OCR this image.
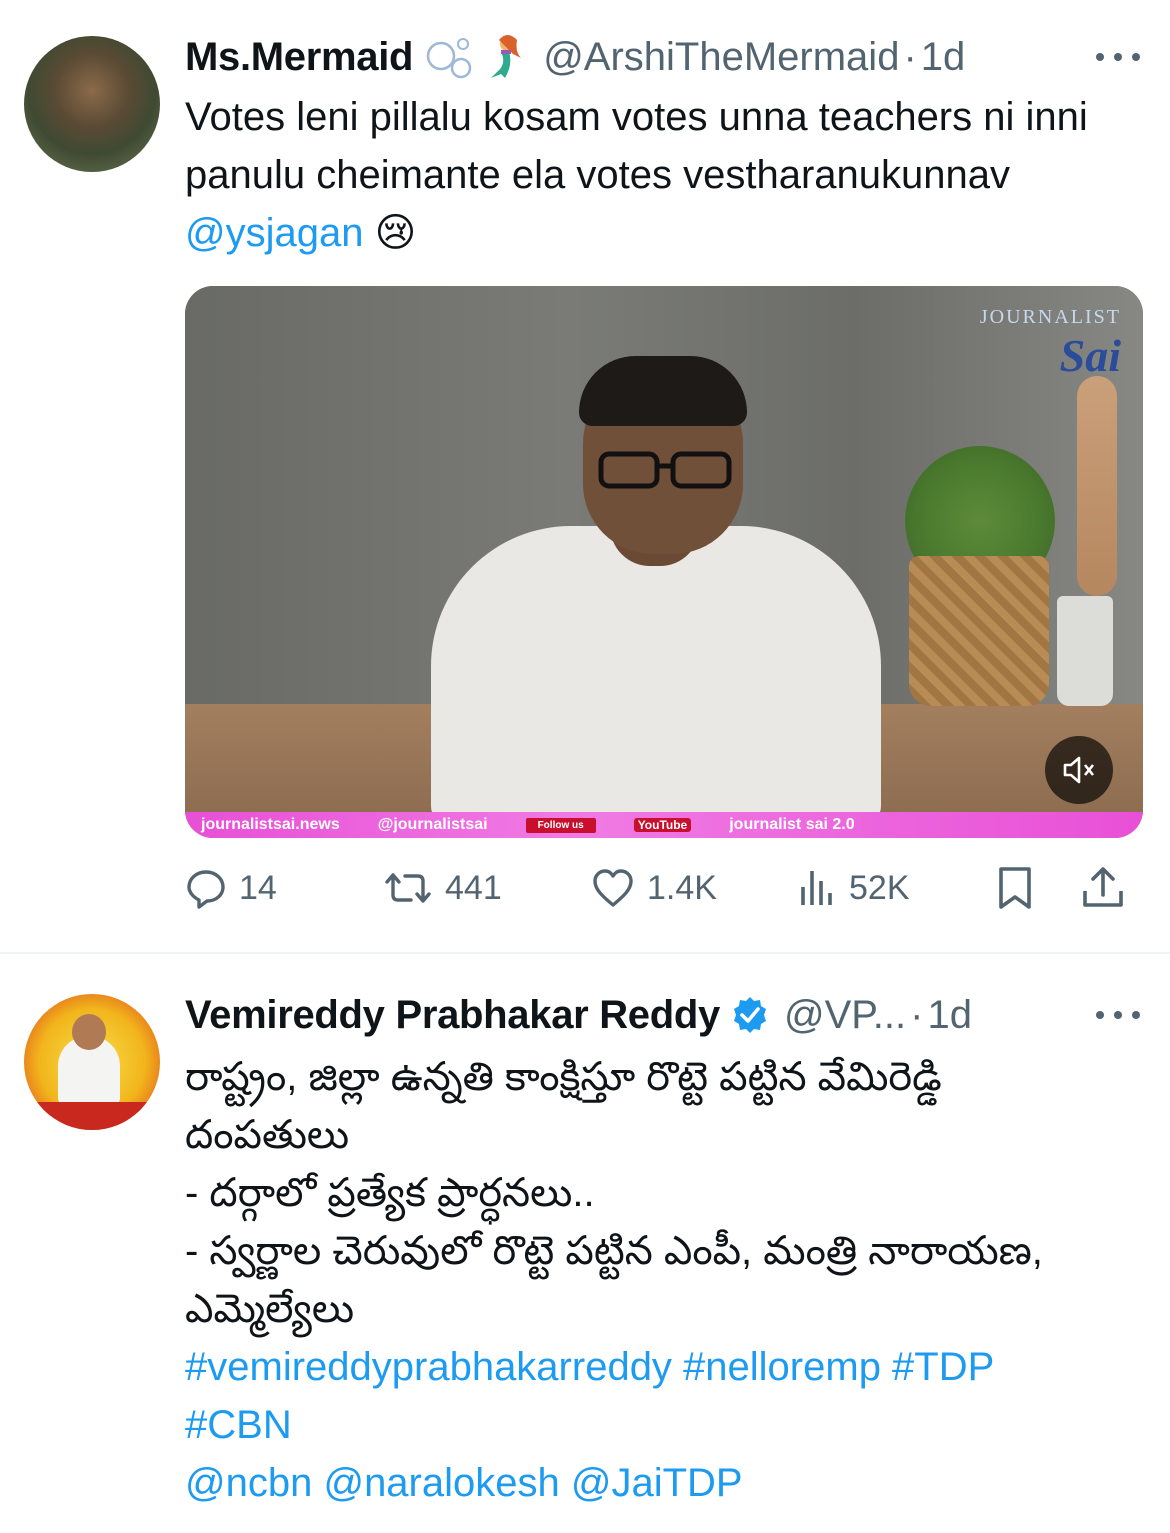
Ms.Mermaid	@ArshiTheMermaid · 1d
Votes leni pillalu kosam votes unna teachers ni inni panulu cheimante ela votes vestharanukunnav @ysjagan 😢
JOURNALIST
Sai
journalistsai.news @journalistsai	Follow us	YouTube	journalist sai 2.0
14	441	1.4K	52K
Vemireddy Prabhakar Reddy @VP... · 1d
రాష్ట్రం, జిల్లా ఉన్నతి కాంక్షిస్తూ రొట్టె పట్టిన వేమిరెడ్డి దంపతులు
- దర్గాలో ప్రత్యేక ప్రార్ధనలు..
- స్వర్ణాల చెరువులో రొట్టె పట్టిన ఎంపీ, మంత్రి నారాయణ, ఎమ్మెల్యేలు
#vemireddyprabhakarreddy #nelloremp #TDP #CBN
@ncbn @naralokesh @JaiTDP
